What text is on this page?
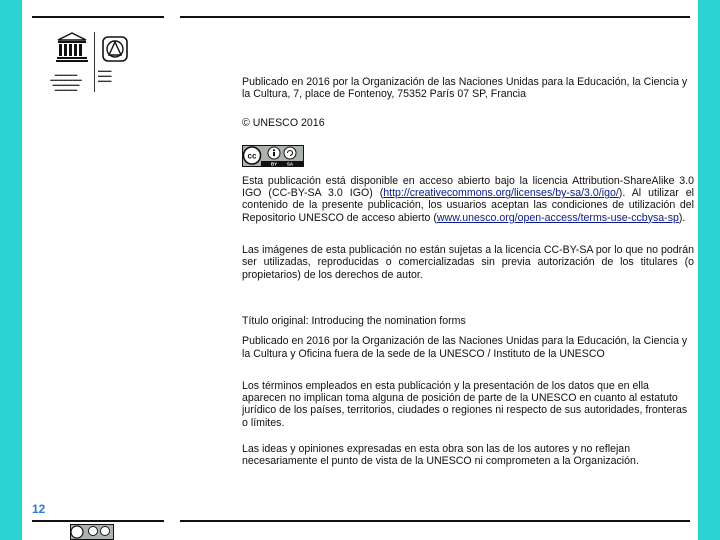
▬▬▬▬▬
▬▬▬▬▬▬▬
▬▬▬▬▬▬
▬▬▬▬▬
▬▬▬
▬▬▬
▬▬▬	Publicado en 2016 por la Organización de las Naciones Unidas para la Educación, la Ciencia y la Cultura, 7, place de Fontenoy, 75352 París 07 SP, Francia

© UNESCO 2016

cc
BY SA

Esta publicación está disponible en acceso abierto bajo la licencia Attribution-ShareAlike 3.0 IGO (CC-BY-SA 3.0 IGO) (http://creativecommons.org/licenses/by-sa/3.0/igo/). Al utilizar el contenido de la presente publicación, los usuarios aceptan las condiciones de utilización del Repositorio UNESCO de acceso abierto (www.unesco.org/open-access/terms-use-ccbysa-sp).

Las imágenes de esta publicación no están sujetas a la licencia CC-BY-SA por lo que no podrán ser utilizadas, reproducidas o comercializadas sin previa autorización de los titulares (o propietarios) de los derechos de autor.

Título original: Introducing the nomination forms

Publicado en 2016 por la Organización de las Naciones Unidas para la Educación, la Ciencia y la Cultura y Oficina fuera de la sede de la UNESCO / Instituto de la UNESCO

Los términos empleados en esta publicación y la presentación de los datos que en ella aparecen no implican toma alguna de posición de parte de la UNESCO en cuanto al estatuto jurídico de los países, territorios, ciudades o regiones ni respecto de sus autoridades, fronteras o límites.

Las ideas y opiniones expresadas en esta obra son las de los autores y no reflejan necesariamente el punto de vista de la UNESCO ni comprometen a la Organización.

12
